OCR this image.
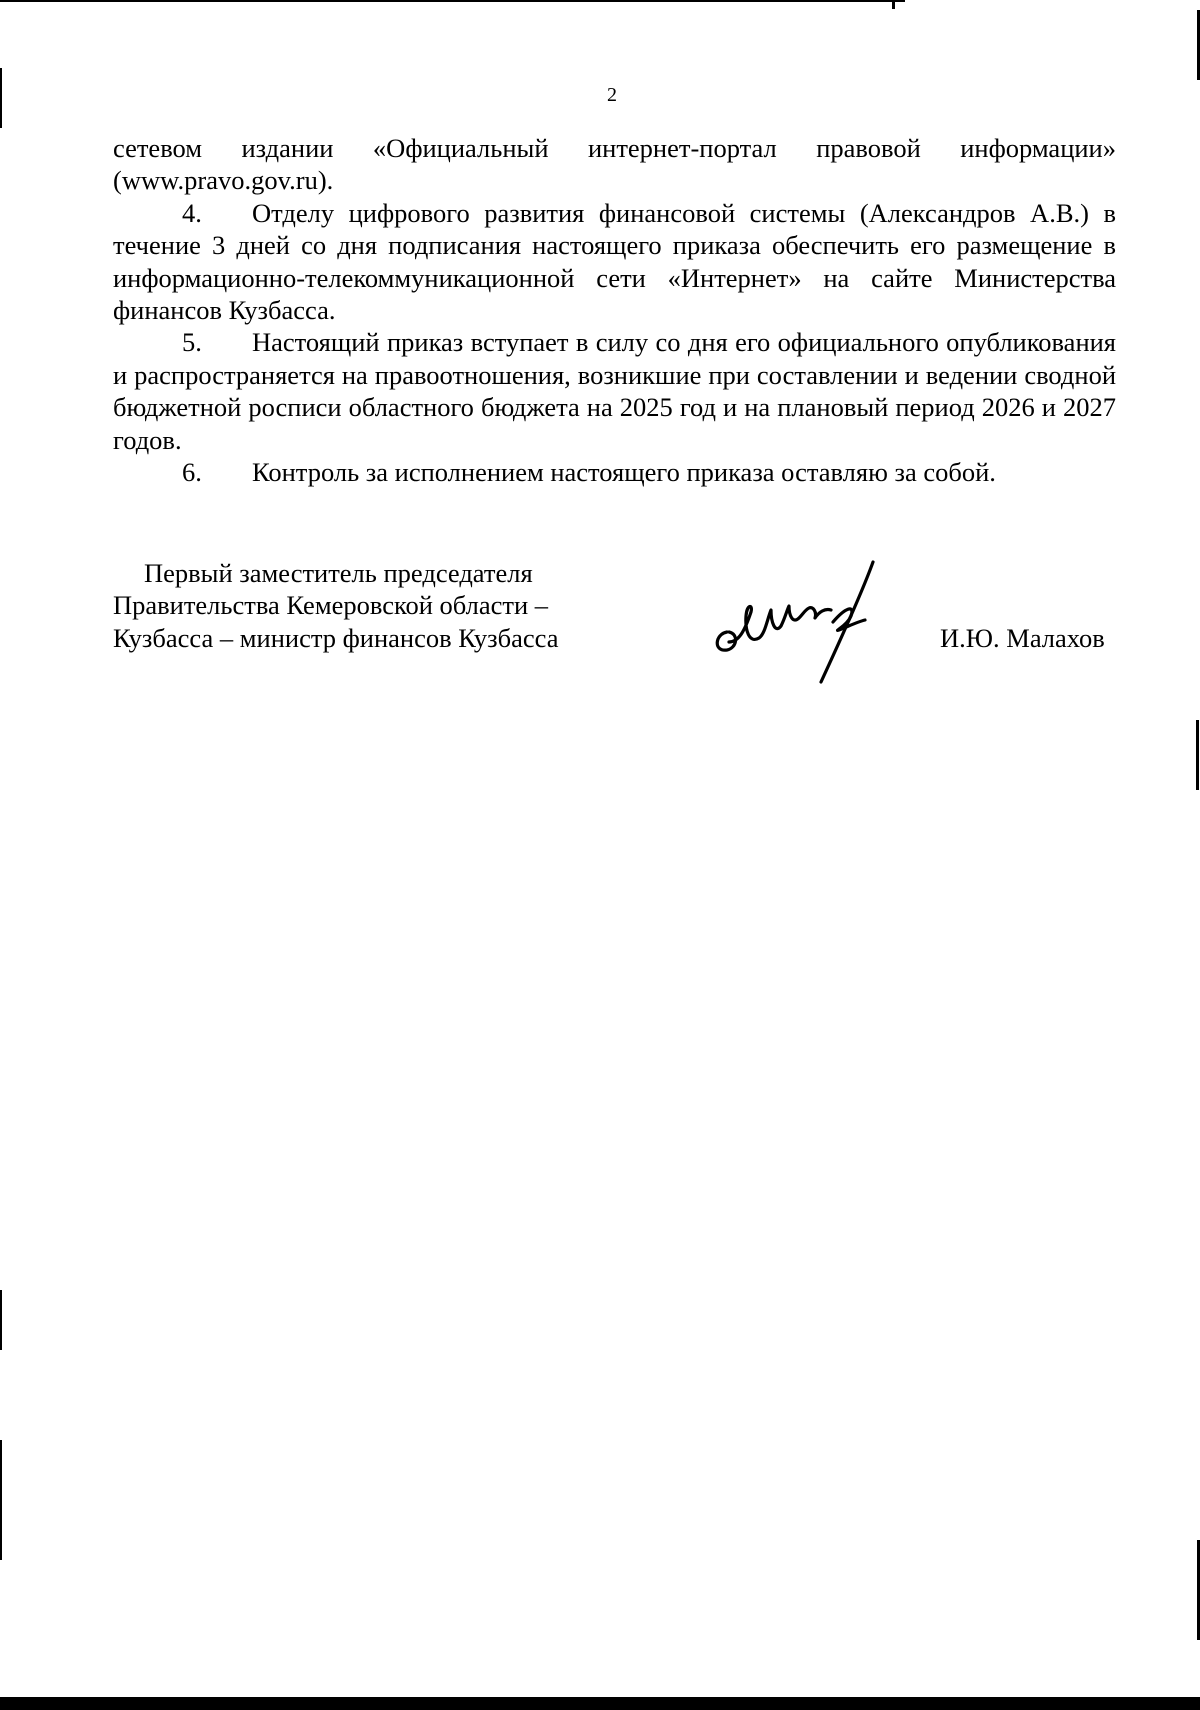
2

сетевом издании «Официальный интернет-портал правовой информации» (www.pravo.gov.ru).

4. Отделу цифрового развития финансовой системы (Александров А.В.) в течение 3 дней со дня подписания настоящего приказа обеспечить его размещение в информационно-телекоммуникационной сети «Интернет» на сайте Министерства финансов Кузбасса.

5. Настоящий приказ вступает в силу со дня его официального опубликования и распространяется на правоотношения, возникшие при составлении и ведении сводной бюджетной росписи областного бюджета на 2025 год и на плановый период 2026 и 2027 годов.

6. Контроль за исполнением настоящего приказа оставляю за собой.

Первый заместитель председателя
Правительства Кемеровской области –
Кузбасса – министр финансов Кузбасса	И.Ю. Малахов
